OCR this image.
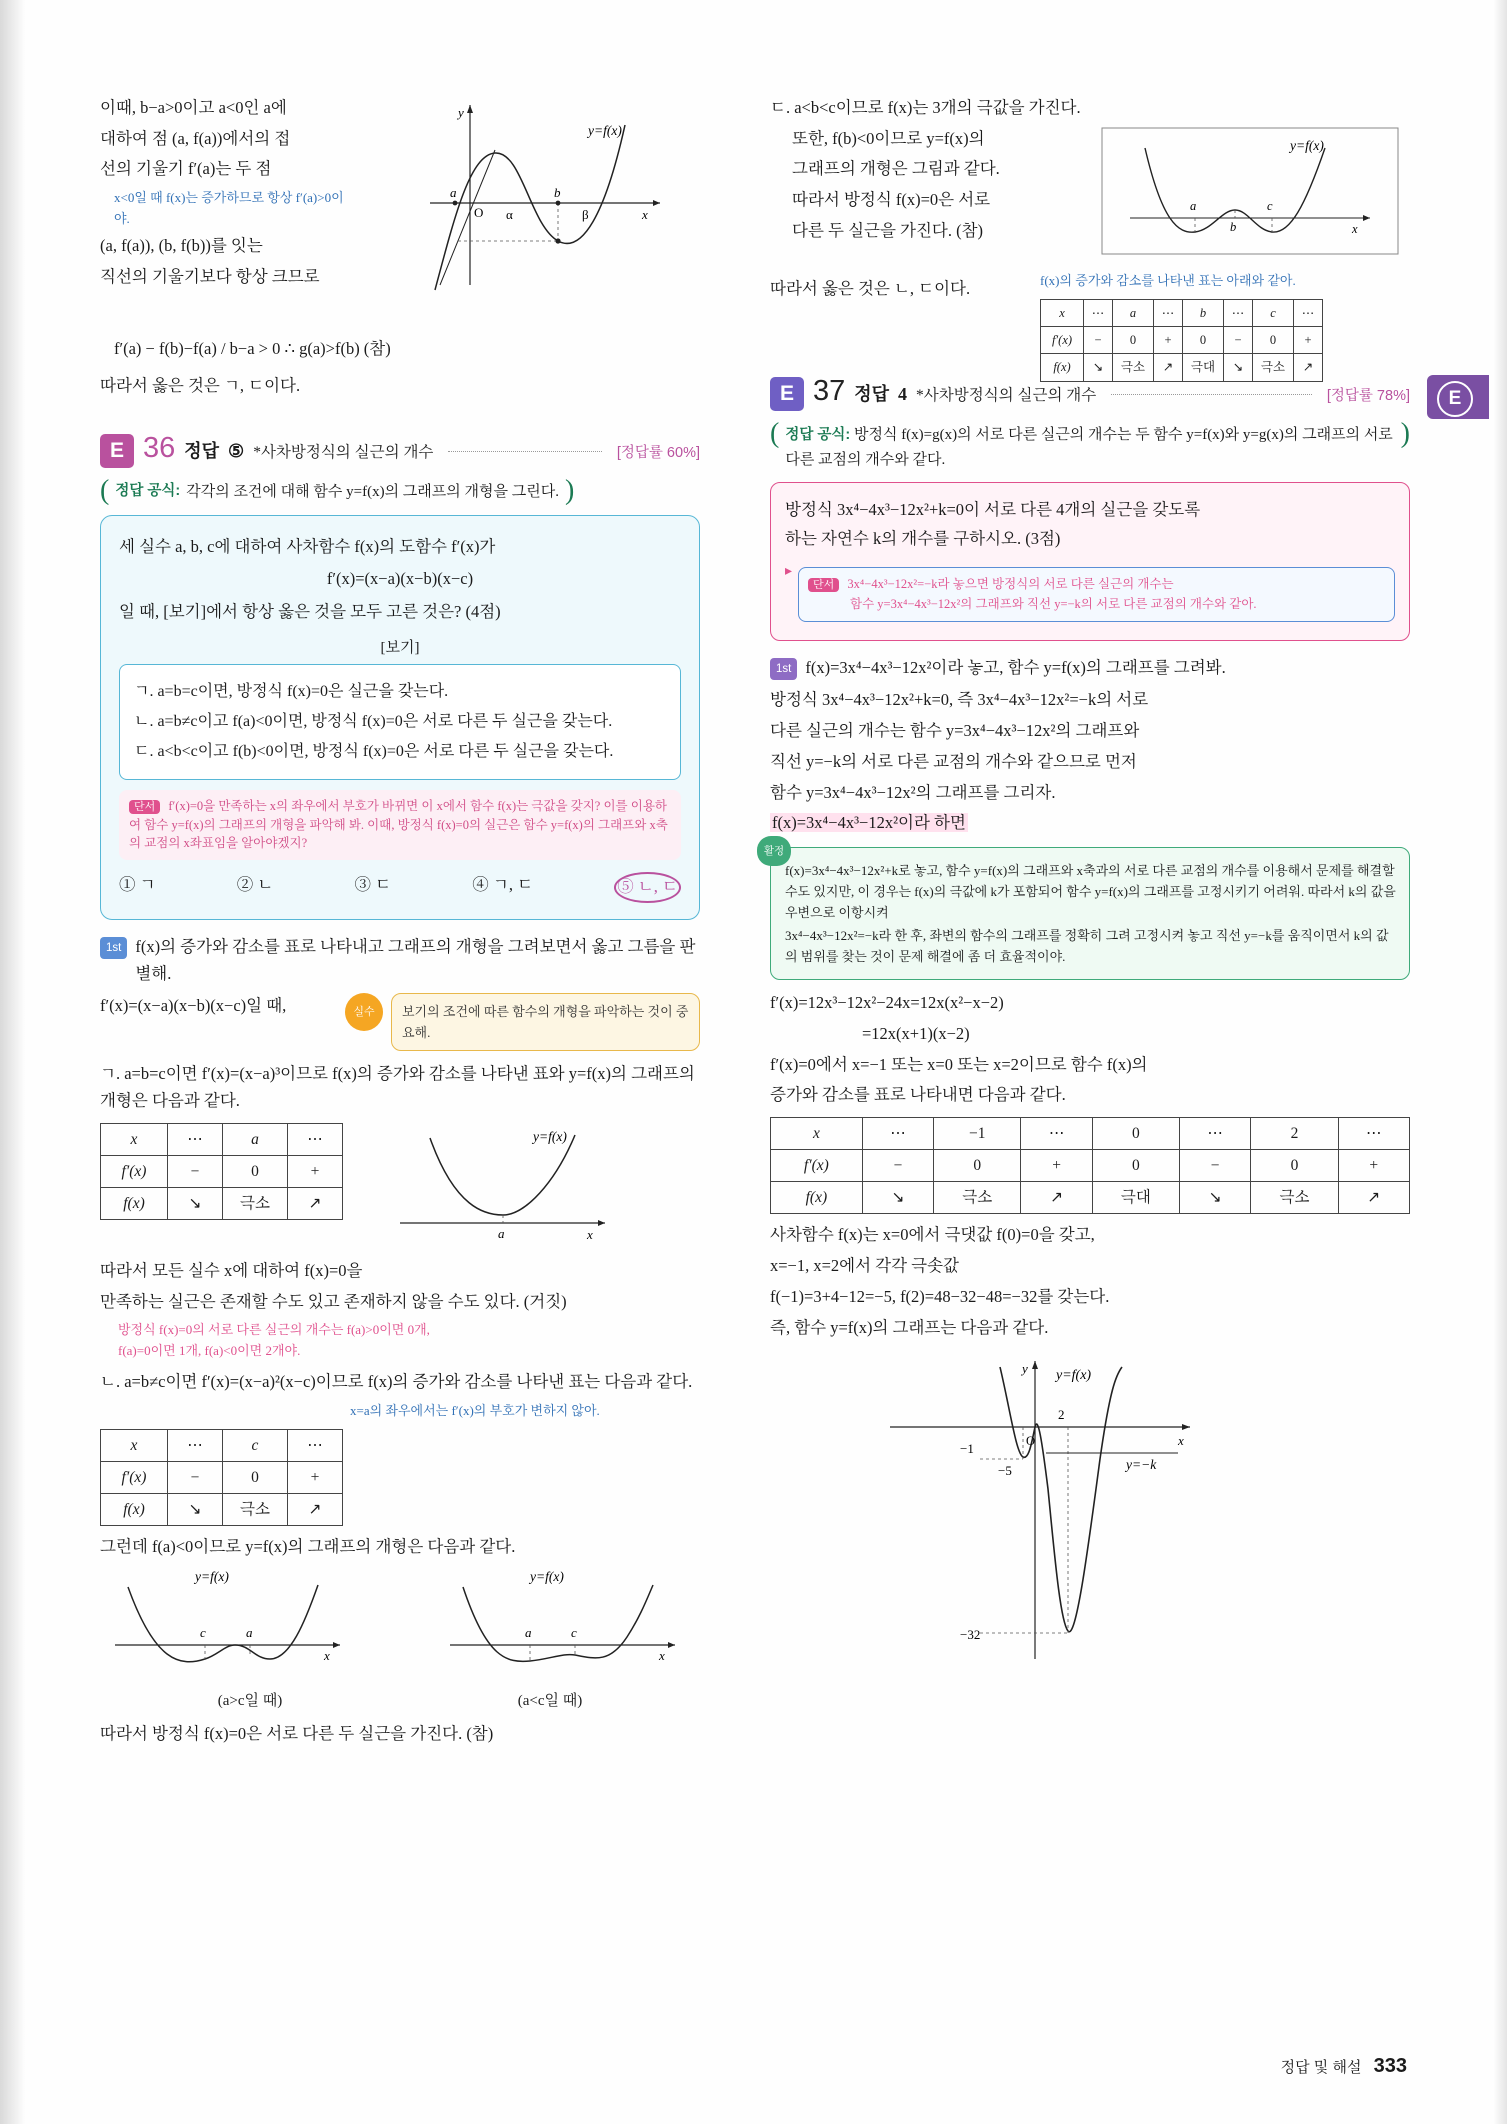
E

이때, b−a>0이고 a<0인 a에

대하여 점 (a, f(a))에서의 접

선의 기울기 f′(a)는 두 점

x<0일 때 f(x)는 증가하므로 항상 f′(a)>0이야.

(a, f(a)), (b, f(b))를 잇는

직선의 기울기보다 항상 크므로

a	b
O α	β	x
y
y=f(x)

f′(a) − f(b)−f(a) / b−a > 0 ∴ g(a)>f(b) (참)

따라서 옳은 것은 ㄱ, ㄷ이다.

E 36 정답 ⑤ *사차방정식의 실근의 개수	[정답률 60%]
( 정답 공식: 각각의 조건에 대해 함수 y=f(x)의 그래프의 개형을 그린다. )

세 실수 a, b, c에 대하여 사차함수 f(x)의 도함수 f′(x)가

f′(x)=(x−a)(x−b)(x−c)

일 때, [보기]에서 항상 옳은 것을 모두 고른 것은? (4점)

[보기]

ㄱ. a=b=c이면, 방정식 f(x)=0은 실근을 갖는다.

ㄴ. a=b≠c이고 f(a)<0이면, 방정식 f(x)=0은 서로 다른 두 실근을 갖는다.

ㄷ. a<b<c이고 f(b)<0이면, 방정식 f(x)=0은 서로 다른 두 실근을 갖는다.

단서 f′(x)=0을 만족하는 x의 좌우에서 부호가 바뀌면 이 x에서 함수 f(x)는 극값을 갖지? 이를 이용하여 함수 y=f(x)의 그래프의 개형을 파악해 봐. 이때, 방정식 f(x)=0의 실근은 함수 y=f(x)의 그래프와 x축의 교점의 x좌표임을 알아야겠지?
① ㄱ	② ㄴ	③ ㄷ	④ ㄱ, ㄷ	⑤ ㄴ, ㄷ
1st f(x)의 증가와 감소를 표로 나타내고 그래프의 개형을 그려보면서 옳고 그름을 판별해.
f′(x)=(x−a)(x−b)(x−c)일 때,	실수	보기의 조건에 따른 함수의 개형을 파악하는 것이 중요해.

ㄱ. a=b=c이면 f′(x)=(x−a)³이므로 f(x)의 증가와 감소를 나타낸 표와 y=f(x)의 그래프의 개형은 다음과 같다.

x	⋯	a	⋯
f′(x)	−	0	+
f(x)	↘	극소	↗
a	x
y=f(x)

따라서 모든 실수 x에 대하여 f(x)=0을

만족하는 실근은 존재할 수도 있고 존재하지 않을 수도 있다. (거짓)

방정식 f(x)=0의 서로 다른 실근의 개수는 f(a)>0이면 0개, f(a)=0이면 1개, f(a)<0이면 2개야.

ㄴ. a=b≠c이면 f′(x)=(x−a)²(x−c)이므로 f(x)의 증가와 감소를 나타낸 표는 다음과 같다.

x=a의 좌우에서는 f′(x)의 부호가 변하지 않아.

x	⋯	c	⋯
f′(x)	−	0	+
f(x)	↘	극소	↗

그런데 f(a)<0이므로 y=f(x)의 그래프의 개형은 다음과 같다.

y=f(x)
c	a
x
y=f(x)
a	c
x
(a>c일 때)	(a<c일 때)

따라서 방정식 f(x)=0은 서로 다른 두 실근을 가진다. (참)

ㄷ. a<b<c이므로 f(x)는 3개의 극값을 가진다.

또한, f(b)<0이므로 y=f(x)의

그래프의 개형은 그림과 같다.

따라서 방정식 f(x)=0은 서로

다른 두 실근을 가진다. (참)

y=f(x)
a
b
c
x

따라서 옳은 것은 ㄴ, ㄷ이다.	f(x)의 증가와 감소를 나타낸 표는 아래와 같아.
x	⋯	a	⋯	b	⋯	c	⋯
f′(x)	−	0	+	0	−	0	+
f(x)	↘	극소	↗	극대	↘	극소	↗
E 37 정답 4 *사차방정식의 실근의 개수	[정답률 78%]
( 정답 공식: 방정식 f(x)=g(x)의 서로 다른 실근의 개수는 두 함수 y=f(x)와 y=g(x)의 그래프의 서로 다른 교점의 개수와 같다.
)

방정식 3x⁴−4x³−12x²+k=0이 서로 다른 4개의 실근을 갖도록

하는 자연수 k의 개수를 구하시오. (3점)

▸
단서 3x⁴−4x³−12x²=−k라 놓으면 방정식의 서로 다른 실근의 개수는
함수 y=3x⁴−4x³−12x²의 그래프와 직선 y=−k의 서로 다른 교점의 개수와 같아.
1st f(x)=3x⁴−4x³−12x²이라 놓고, 함수 y=f(x)의 그래프를 그려봐.

방정식 3x⁴−4x³−12x²+k=0, 즉 3x⁴−4x³−12x²=−k의 서로

다른 실근의 개수는 함수 y=3x⁴−4x³−12x²의 그래프와

직선 y=−k의 서로 다른 교점의 개수와 같으므로 먼저

함수 y=3x⁴−4x³−12x²의 그래프를 그리자.

f(x)=3x⁴−4x³−12x²이라 하면

활정

f(x)=3x⁴−4x³−12x²+k로 놓고, 함수 y=f(x)의 그래프와 x축과의 서로 다른 교점의 개수를 이용해서 문제를 해결할 수도 있지만, 이 경우는 f(x)의 극값에 k가 포함되어 함수 y=f(x)의 그래프를 고정시키기 어려워. 따라서 k의 값을 우변으로 이항시켜

3x⁴−4x³−12x²=−k라 한 후, 좌변의 함수의 그래프를 정확히 그려 고정시켜 놓고 직선 y=−k를 움직이면서 k의 값의 범위를 찾는 것이 문제 해결에 좀 더 효율적이야.

f′(x)=12x³−12x²−24x=12x(x²−x−2)

=12x(x+1)(x−2)

f′(x)=0에서 x=−1 또는 x=0 또는 x=2이므로 함수 f(x)의

증가와 감소를 표로 나타내면 다음과 같다.

x	⋯	−1	⋯	0	⋯	2	⋯
f′(x)	−	0	+	0	−	0	+
f(x)	↘	극소	↗	극대	↘	극소	↗

사차함수 f(x)는 x=0에서 극댓값 f(0)=0을 갖고,

x=−1, x=2에서 각각 극솟값

f(−1)=3+4−12=−5, f(2)=48−32−48=−32를 갖는다.

즉, 함수 y=f(x)의 그래프는 다음과 같다.

y
x
y=f(x)
y=−k
−1
2
O
−5
−32
정답 및 해설 333
